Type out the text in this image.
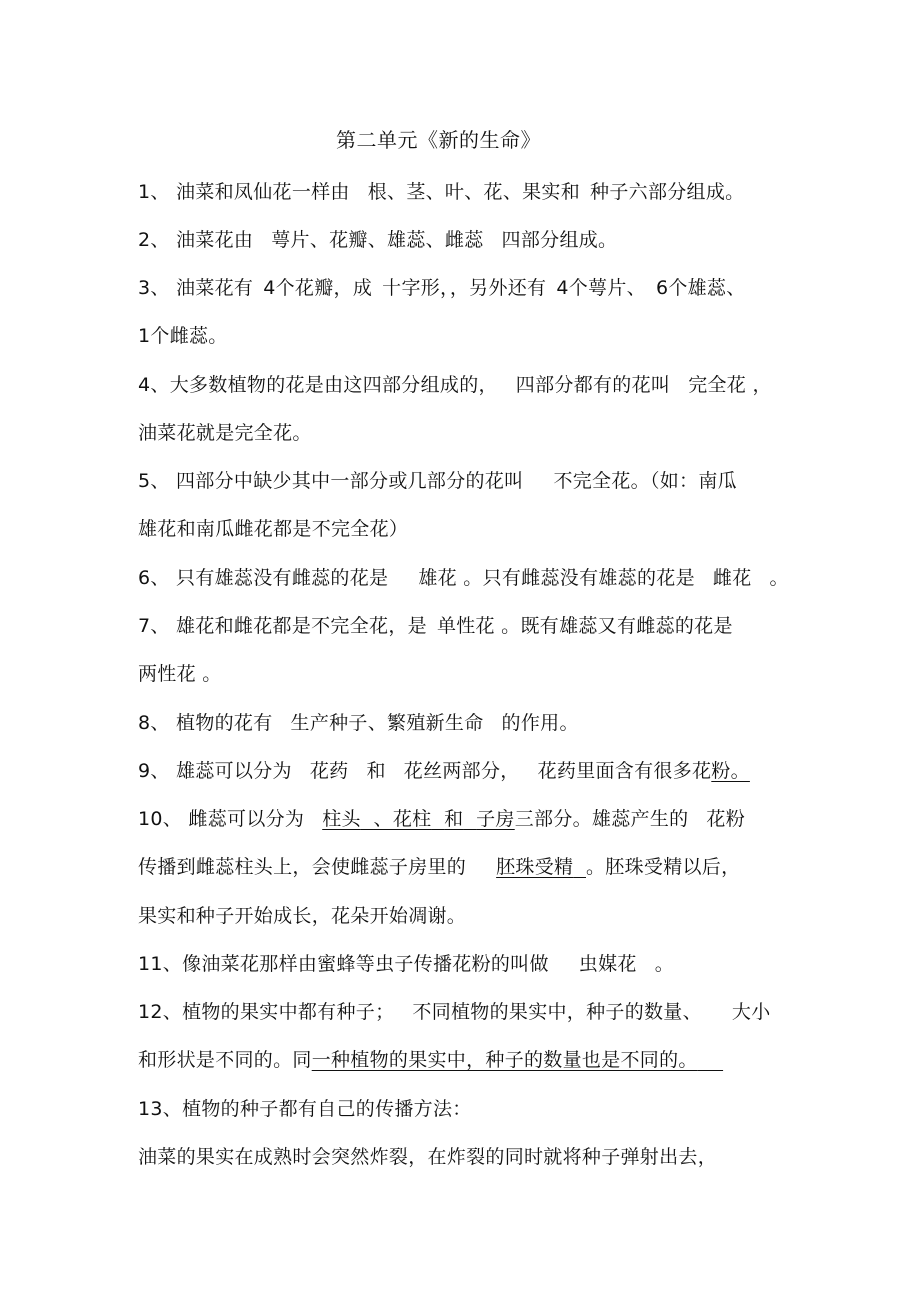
第二单元《新的生命》
1、 油菜和凤仙花一样由 根、茎、叶、花、果实和 种子六部分组成。
2、 油菜花由 萼片、花瓣、雄蕊、雌蕊 四部分组成。
3、 油菜花有 4个花瓣，成 十字形，，另外还有 4个萼片、 6个雄蕊、
1个雌蕊。
4、大多数植物的花是由这四部分组成的， 四部分都有的花叫 完全花 ，
油菜花就是完全花。
5、 四部分中缺少其中一部分或几部分的花叫 不完全花。（如：南瓜
雄花和南瓜雌花都是不完全花）
6、 只有雄蕊没有雌蕊的花是 雄花 。只有雌蕊没有雄蕊的花是 雌花 。
7、 雄花和雌花都是不完全花，是 单性花 。既有雄蕊又有雌蕊的花是
两性花 。
8、 植物的花有 生产种子、繁殖新生命 的作用。
9、 雄蕊可以分为 花药 和 花丝两部分， 花药里面含有很多花粉。
10、 雌蕊可以分为 柱头 、花柱 和 子房三部分。雄蕊产生的 花粉
传播到雌蕊柱头上，会使雌蕊子房里的 胚珠受精 。胚珠受精以后，
果实和种子开始成长，花朵开始凋谢。
11、像油菜花那样由蜜蜂等虫子传播花粉的叫做 虫媒花 。
12、植物的果实中都有种子； 不同植物的果实中，种子的数量、 大小
和形状是不同的。同一种植物的果实中，种子的数量也是不同的。
13、植物的种子都有自己的传播方法：
油菜的果实在成熟时会突然炸裂，在炸裂的同时就将种子弹射出去，
